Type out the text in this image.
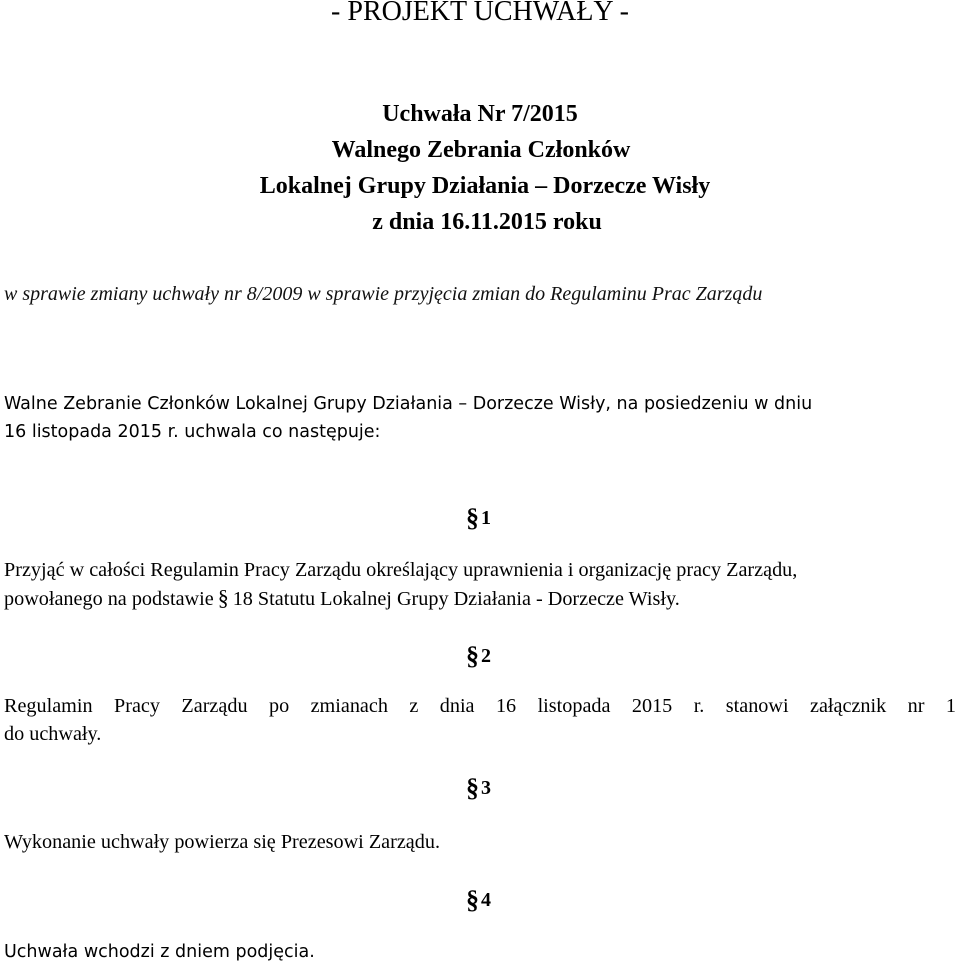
- PROJEKT UCHWAŁY -
Uchwała Nr 7/2015
Walnego Zebrania Członków
Lokalnej Grupy Działania – Dorzecze Wisły
z dnia 16.11.2015 roku
w sprawie zmiany uchwały nr 8/2009 w sprawie przyjęcia zmian do Regulaminu Prac Zarządu
Walne Zebranie Członków Lokalnej Grupy Działania – Dorzecze Wisły, na posiedzeniu w dniu
16 listopada 2015 r. uchwala co następuje:
§ 1
Przyjąć w całości Regulamin Pracy Zarządu określający uprawnienia i organizację pracy Zarządu,
powołanego na podstawie § 18 Statutu Lokalnej Grupy Działania - Dorzecze Wisły.
§ 2
Regulamin Pracy Zarządu po zmianach z dnia 16 listopada 2015 r. stanowi załącznik nr 1
do uchwały.
§ 3
Wykonanie uchwały powierza się Prezesowi Zarządu.
§ 4
Uchwała wchodzi z dniem podjęcia.
